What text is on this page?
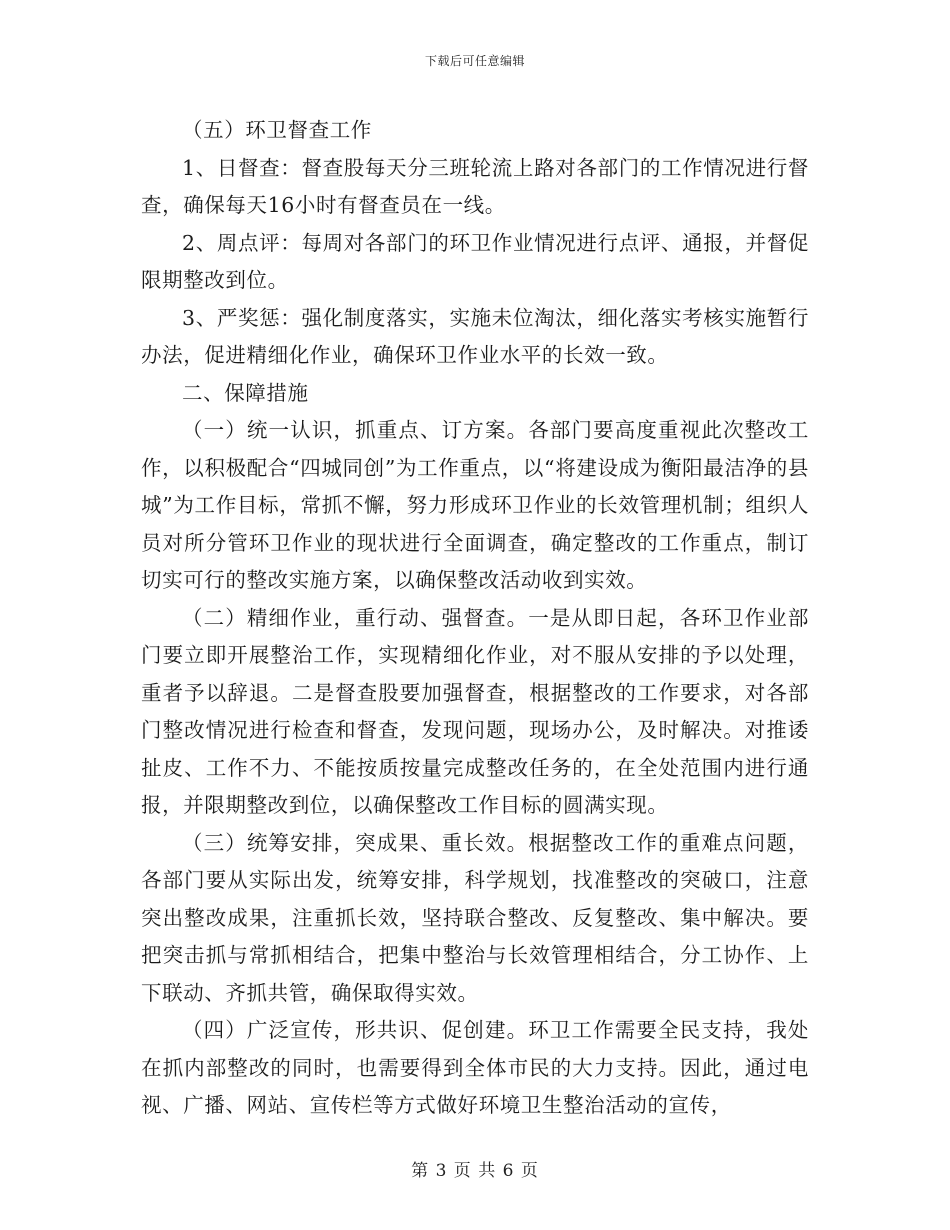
下载后可任意编辑

（五）环卫督查工作

1、日督查：督查股每天分三班轮流上路对各部门的工作情况进行督查，确保每天16小时有督查员在一线。

2、周点评：每周对各部门的环卫作业情况进行点评、通报，并督促限期整改到位。

3、严奖惩：强化制度落实，实施未位淘汰，细化落实考核实施暂行办法，促进精细化作业，确保环卫作业水平的长效一致。

二、保障措施

（一）统一认识，抓重点、订方案。各部门要高度重视此次整改工作，以积极配合“四城同创”为工作重点，以“将建设成为衡阳最洁净的县城”为工作目标，常抓不懈，努力形成环卫作业的长效管理机制；组织人员对所分管环卫作业的现状进行全面调查，确定整改的工作重点，制订切实可行的整改实施方案，以确保整改活动收到实效。

（二）精细作业，重行动、强督查。一是从即日起，各环卫作业部门要立即开展整治工作，实现精细化作业，对不服从安排的予以处理，重者予以辞退。二是督查股要加强督查，根据整改的工作要求，对各部门整改情况进行检查和督查，发现问题，现场办公，及时解决。对推诿扯皮、工作不力、不能按质按量完成整改任务的，在全处范围内进行通报，并限期整改到位，以确保整改工作目标的圆满实现。

（三）统筹安排，突成果、重长效。根据整改工作的重难点问题，各部门要从实际出发，统筹安排，科学规划，找准整改的突破口，注意突出整改成果，注重抓长效，坚持联合整改、反复整改、集中解决。要把突击抓与常抓相结合，把集中整治与长效管理相结合，分工协作、上下联动、齐抓共管，确保取得实效。

（四）广泛宣传，形共识、促创建。环卫工作需要全民支持，我处在抓内部整改的同时，也需要得到全体市民的大力支持。因此，通过电视、广播、网站、宣传栏等方式做好环境卫生整治活动的宣传，

第 3 页 共 6 页
